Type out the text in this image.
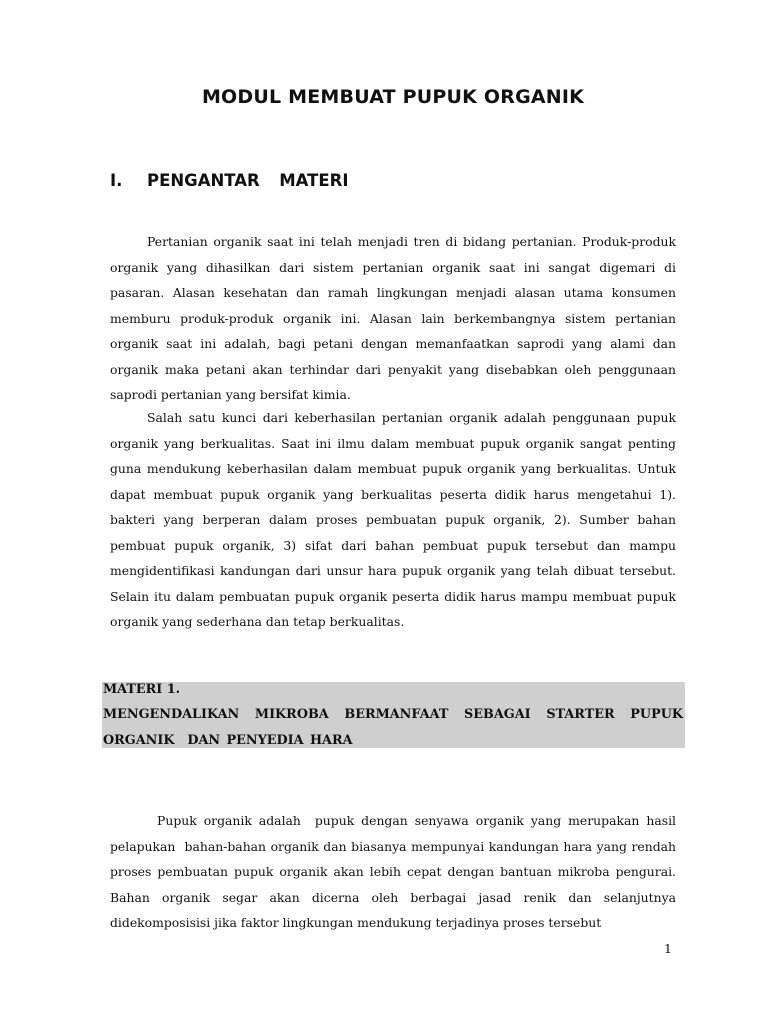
MODUL MEMBUAT PUPUK ORGANIK
I.	PENGANTAR  MATERI

Pertanian organik saat ini telah menjadi tren di bidang pertanian. Produk-produk organik yang dihasilkan dari sistem pertanian organik saat ini sangat digemari di pasaran. Alasan kesehatan dan ramah lingkungan menjadi alasan utama konsumen memburu produk-produk organik ini. Alasan lain berkembangnya sistem pertanian organik saat ini adalah, bagi petani dengan memanfaatkan saprodi yang alami dan organik maka petani akan terhindar dari penyakit yang disebabkan oleh penggunaan saprodi pertanian yang bersifat kimia.

Salah satu kunci dari keberhasilan pertanian organik adalah penggunaan pupuk organik yang berkualitas. Saat ini ilmu dalam membuat pupuk organik sangat penting guna mendukung keberhasilan dalam membuat pupuk organik yang berkualitas. Untuk dapat membuat pupuk organik yang berkualitas peserta didik harus mengetahui 1). bakteri yang berperan dalam proses pembuatan pupuk organik, 2). Sumber bahan pembuat pupuk organik, 3) sifat dari bahan pembuat pupuk tersebut dan mampu mengidentifikasi kandungan dari unsur hara pupuk organik yang telah dibuat tersebut. Selain itu dalam pembuatan pupuk organik peserta didik harus mampu membuat pupuk organik yang sederhana dan tetap berkualitas.

MATERI 1.
MENGENDALIKAN MIKROBA BERMANFAAT SEBAGAI STARTER PUPUK
ORGANIK  DAN PENYEDIA HARA

Pupuk organik adalah  pupuk dengan senyawa organik yang merupakan hasil pelapukan  bahan-bahan organik dan biasanya mempunyai kandungan hara yang rendah proses pembuatan pupuk organik akan lebih cepat dengan bantuan mikroba pengurai. Bahan organik segar akan dicerna oleh berbagai jasad renik dan selanjutnya didekomposisisi jika faktor lingkungan mendukung terjadinya proses tersebut

1
